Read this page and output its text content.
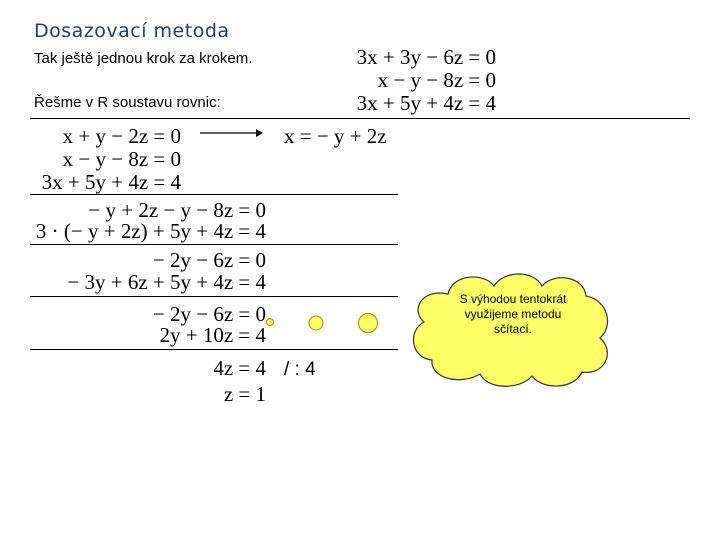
Dosazovací metoda
Tak ještě jednou krok za krokem.
Řešme v R soustavu rovnic:
3x + 3y − 6z = 0
x − y − 8z = 0
3x + 5y + 4z = 4
x + y − 2z = 0
x − y − 8z = 0
3x + 5y + 4z = 4
x = − y + 2z
− y + 2z − y − 8z = 0
3 · (− y + 2z) + 5y + 4z = 4
− 2y − 6z = 0
− 3y + 6z + 5y + 4z = 4
− 2y − 6z = 0
2y + 10z = 4
4z = 4
z = 1
/ : 4
S výhodou tentokrát využijeme metodu sčítací.
